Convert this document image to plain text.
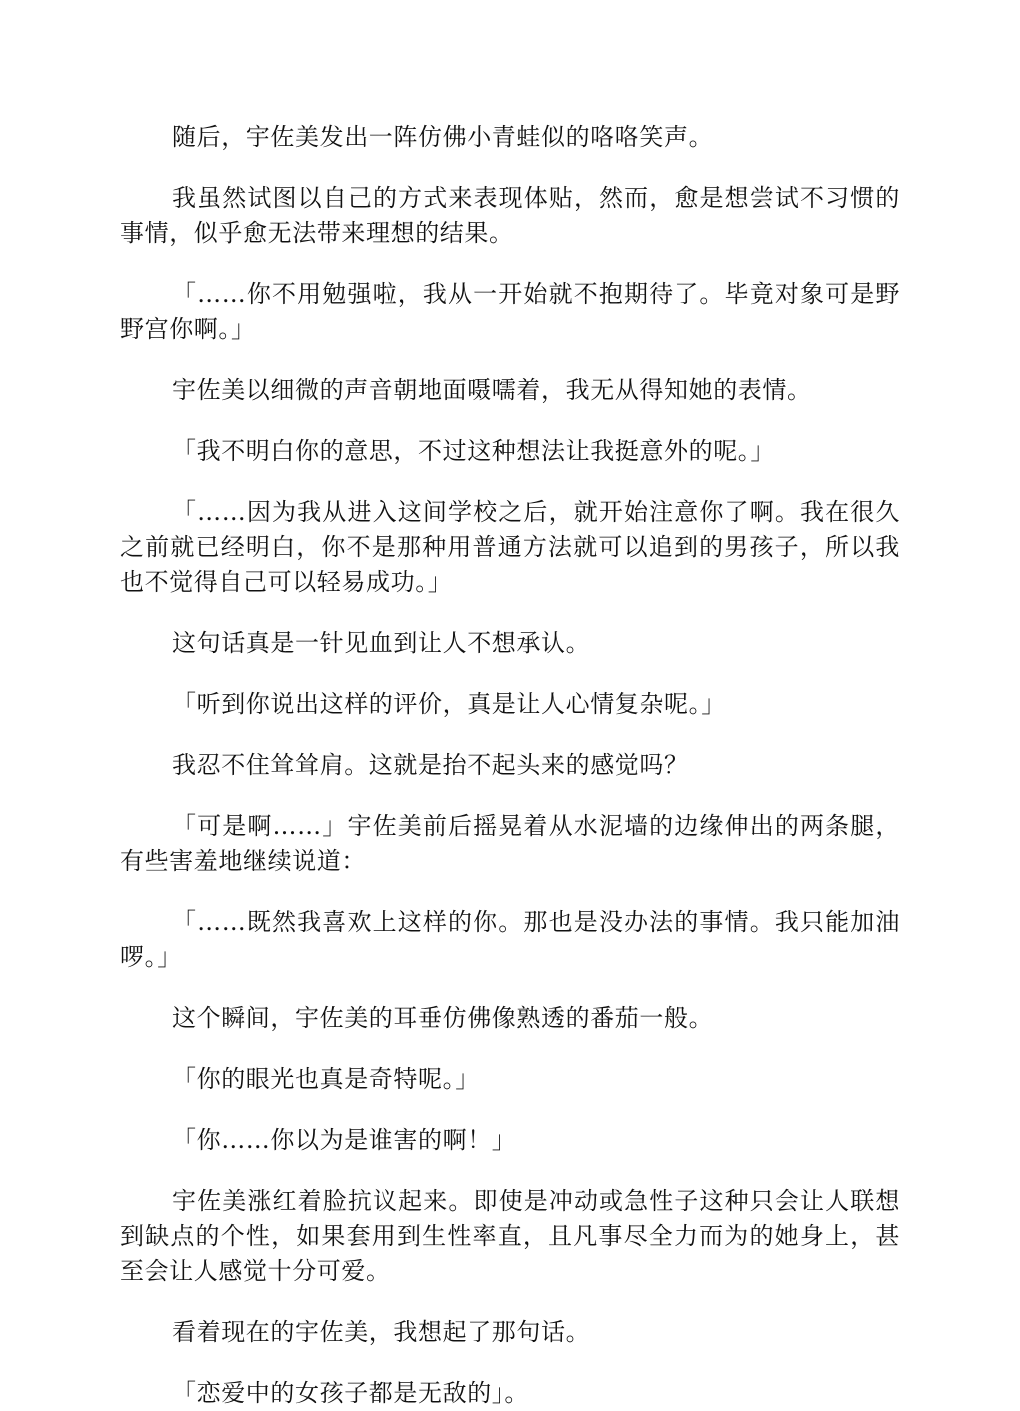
随后，宇佐美发出一阵仿佛小青蛙似的咯咯笑声。

我虽然试图以自己的方式来表现体贴，然而，愈是想尝试不习惯的事情，似乎愈无法带来理想的结果。

「……你不用勉强啦，我从一开始就不抱期待了。毕竟对象可是野野宫你啊。」

宇佐美以细微的声音朝地面嗫嚅着，我无从得知她的表情。

「我不明白你的意思，不过这种想法让我挺意外的呢。」

「……因为我从进入这间学校之后，就开始注意你了啊。我在很久之前就已经明白，你不是那种用普通方法就可以追到的男孩子，所以我也不觉得自己可以轻易成功。」

这句话真是一针见血到让人不想承认。

「听到你说出这样的评价，真是让人心情复杂呢。」

我忍不住耸耸肩。这就是抬不起头来的感觉吗？

「可是啊……」宇佐美前后摇晃着从水泥墙的边缘伸出的两条腿，有些害羞地继续说道：

「……既然我喜欢上这样的你。那也是没办法的事情。我只能加油啰。」

这个瞬间，宇佐美的耳垂仿佛像熟透的番茄一般。

「你的眼光也真是奇特呢。」

「你……你以为是谁害的啊！」

宇佐美涨红着脸抗议起来。即使是冲动或急性子这种只会让人联想到缺点的个性，如果套用到生性率直，且凡事尽全力而为的她身上，甚至会让人感觉十分可爱。

看着现在的宇佐美，我想起了那句话。

「恋爱中的女孩子都是无敌的」。
